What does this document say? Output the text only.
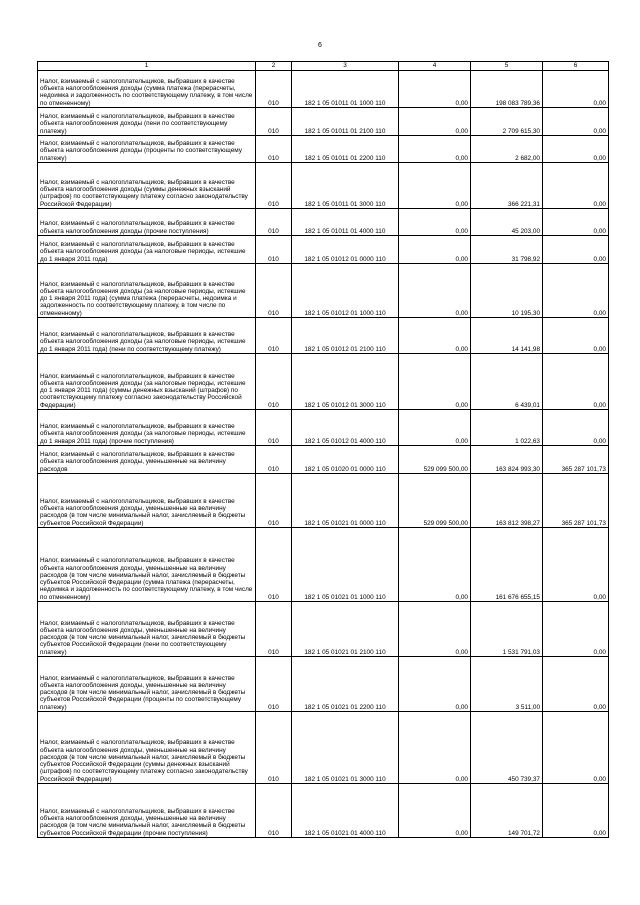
6
1	2	3	4	5	6
Налог, взимаемый с налогоплательщиков, выбравших в качестве объекта налогообложения доходы (сумма платежа (перерасчеты, недоимка и задолженность по соответствующему платежу, в том числе по отмененному)	010	182 1 05 01011 01 1000 110	0,00	198 083 789,36	0,00
Налог, взимаемый с налогоплательщиков, выбравших в качестве объекта налогообложения доходы (пени по соответствующему платежу)	010	182 1 05 01011 01 2100 110	0,00	2 709 615,30	0,00
Налог, взимаемый с налогоплательщиков, выбравших в качестве объекта налогообложения доходы (проценты по соответствующему платежу)	010	182 1 05 01011 01 2200 110	0,00	2 682,00	0,00
Налог, взимаемый с налогоплательщиков, выбравших в качестве объекта налогообложения доходы (суммы денежных взысканий (штрафов) по соответствующему платежу согласно законодательству Российской Федерации)	010	182 1 05 01011 01 3000 110	0,00	366 221,31	0,00
Налог, взимаемый с налогоплательщиков, выбравших в качестве объекта налогообложения доходы (прочие поступления)	010	182 1 05 01011 01 4000 110	0,00	45 203,00	0,00
Налог, взимаемый с налогоплательщиков, выбравших в качестве объекта налогообложения доходы (за налоговые периоды, истекшие до 1 января 2011 года)	010	182 1 05 01012 01 0000 110	0,00	31 798,92	0,00
Налог, взимаемый с налогоплательщиков, выбравших в качестве объекта налогообложения доходы (за налоговые периоды, истекшие до 1 января 2011 года) (сумма платежа (перерасчеты, недоимка и задолженность по соответствующему платежу, в том числе по отмененному)	010	182 1 05 01012 01 1000 110	0,00	10 195,30	0,00
Налог, взимаемый с налогоплательщиков, выбравших в качестве объекта налогообложения доходы (за налоговые периоды, истекшие до 1 января 2011 года) (пени по соответствующему платежу)	010	182 1 05 01012 01 2100 110	0,00	14 141,98	0,00
Налог, взимаемый с налогоплательщиков, выбравших в качестве объекта налогообложения доходы (за налоговые периоды, истекшие до 1 января 2011 года) (суммы денежных взысканий (штрафов) по соответствующему платежу согласно законодательству Российской Федерации)	010	182 1 05 01012 01 3000 110	0,00	6 439,01	0,00
Налог, взимаемый с налогоплательщиков, выбравших в качестве объекта налогообложения доходы (за налоговые периоды, истекшие до 1 января 2011 года) (прочие поступления)	010	182 1 05 01012 01 4000 110	0,00	1 022,63	0,00
Налог, взимаемый с налогоплательщиков, выбравших в качестве объекта налогообложения доходы, уменьшенные на величину расходов	010	182 1 05 01020 01 0000 110	529 099 500,00	163 824 993,30	365 287 101,73
Налог, взимаемый с налогоплательщиков, выбравших в качестве объекта налогообложения доходы, уменьшенные на величину расходов (в том числе минимальный налог, зачисляемый в бюджеты субъектов Российской Федерации)	010	182 1 05 01021 01 0000 110	529 099 500,00	163 812 398,27	365 287 101,73
Налог, взимаемый с налогоплательщиков, выбравших в качестве объекта налогообложения доходы, уменьшенные на величину расходов (в том числе минимальный налог, зачисляемый в бюджеты субъектов Российской Федерации (сумма платежа (перерасчеты, недоимка и задолженность по соответствующему платежу, в том числе по отмененному)	010	182 1 05 01021 01 1000 110	0,00	161 676 655,15	0,00
Налог, взимаемый с налогоплательщиков, выбравших в качестве объекта налогообложения доходы, уменьшенные на величину расходов (в том числе минимальный налог, зачисляемый в бюджеты субъектов Российской Федерации (пени по соответствующему платежу)	010	182 1 05 01021 01 2100 110	0,00	1 531 791,03	0,00
Налог, взимаемый с налогоплательщиков, выбравших в качестве объекта налогообложения доходы, уменьшенные на величину расходов (в том числе минимальный налог, зачисляемый в бюджеты субъектов Российской Федерации (проценты по соответствующему платежу)	010	182 1 05 01021 01 2200 110	0,00	3 511,00	0,00
Налог, взимаемый с налогоплательщиков, выбравших в качестве объекта налогообложения доходы, уменьшенные на величину расходов (в том числе минимальный налог, зачисляемый в бюджеты субъектов Российской Федерации (суммы денежных взысканий (штрафов) по соответствующему платежу согласно законодательству Российской Федерации)	010	182 1 05 01021 01 3000 110	0,00	450 739,37	0,00
Налог, взимаемый с налогоплательщиков, выбравших в качестве объекта налогообложения доходы, уменьшенные на величину расходов (в том числе минимальный налог, зачисляемый в бюджеты субъектов Российской Федерации (прочие поступления)	010	182 1 05 01021 01 4000 110	0,00	149 701,72	0,00
